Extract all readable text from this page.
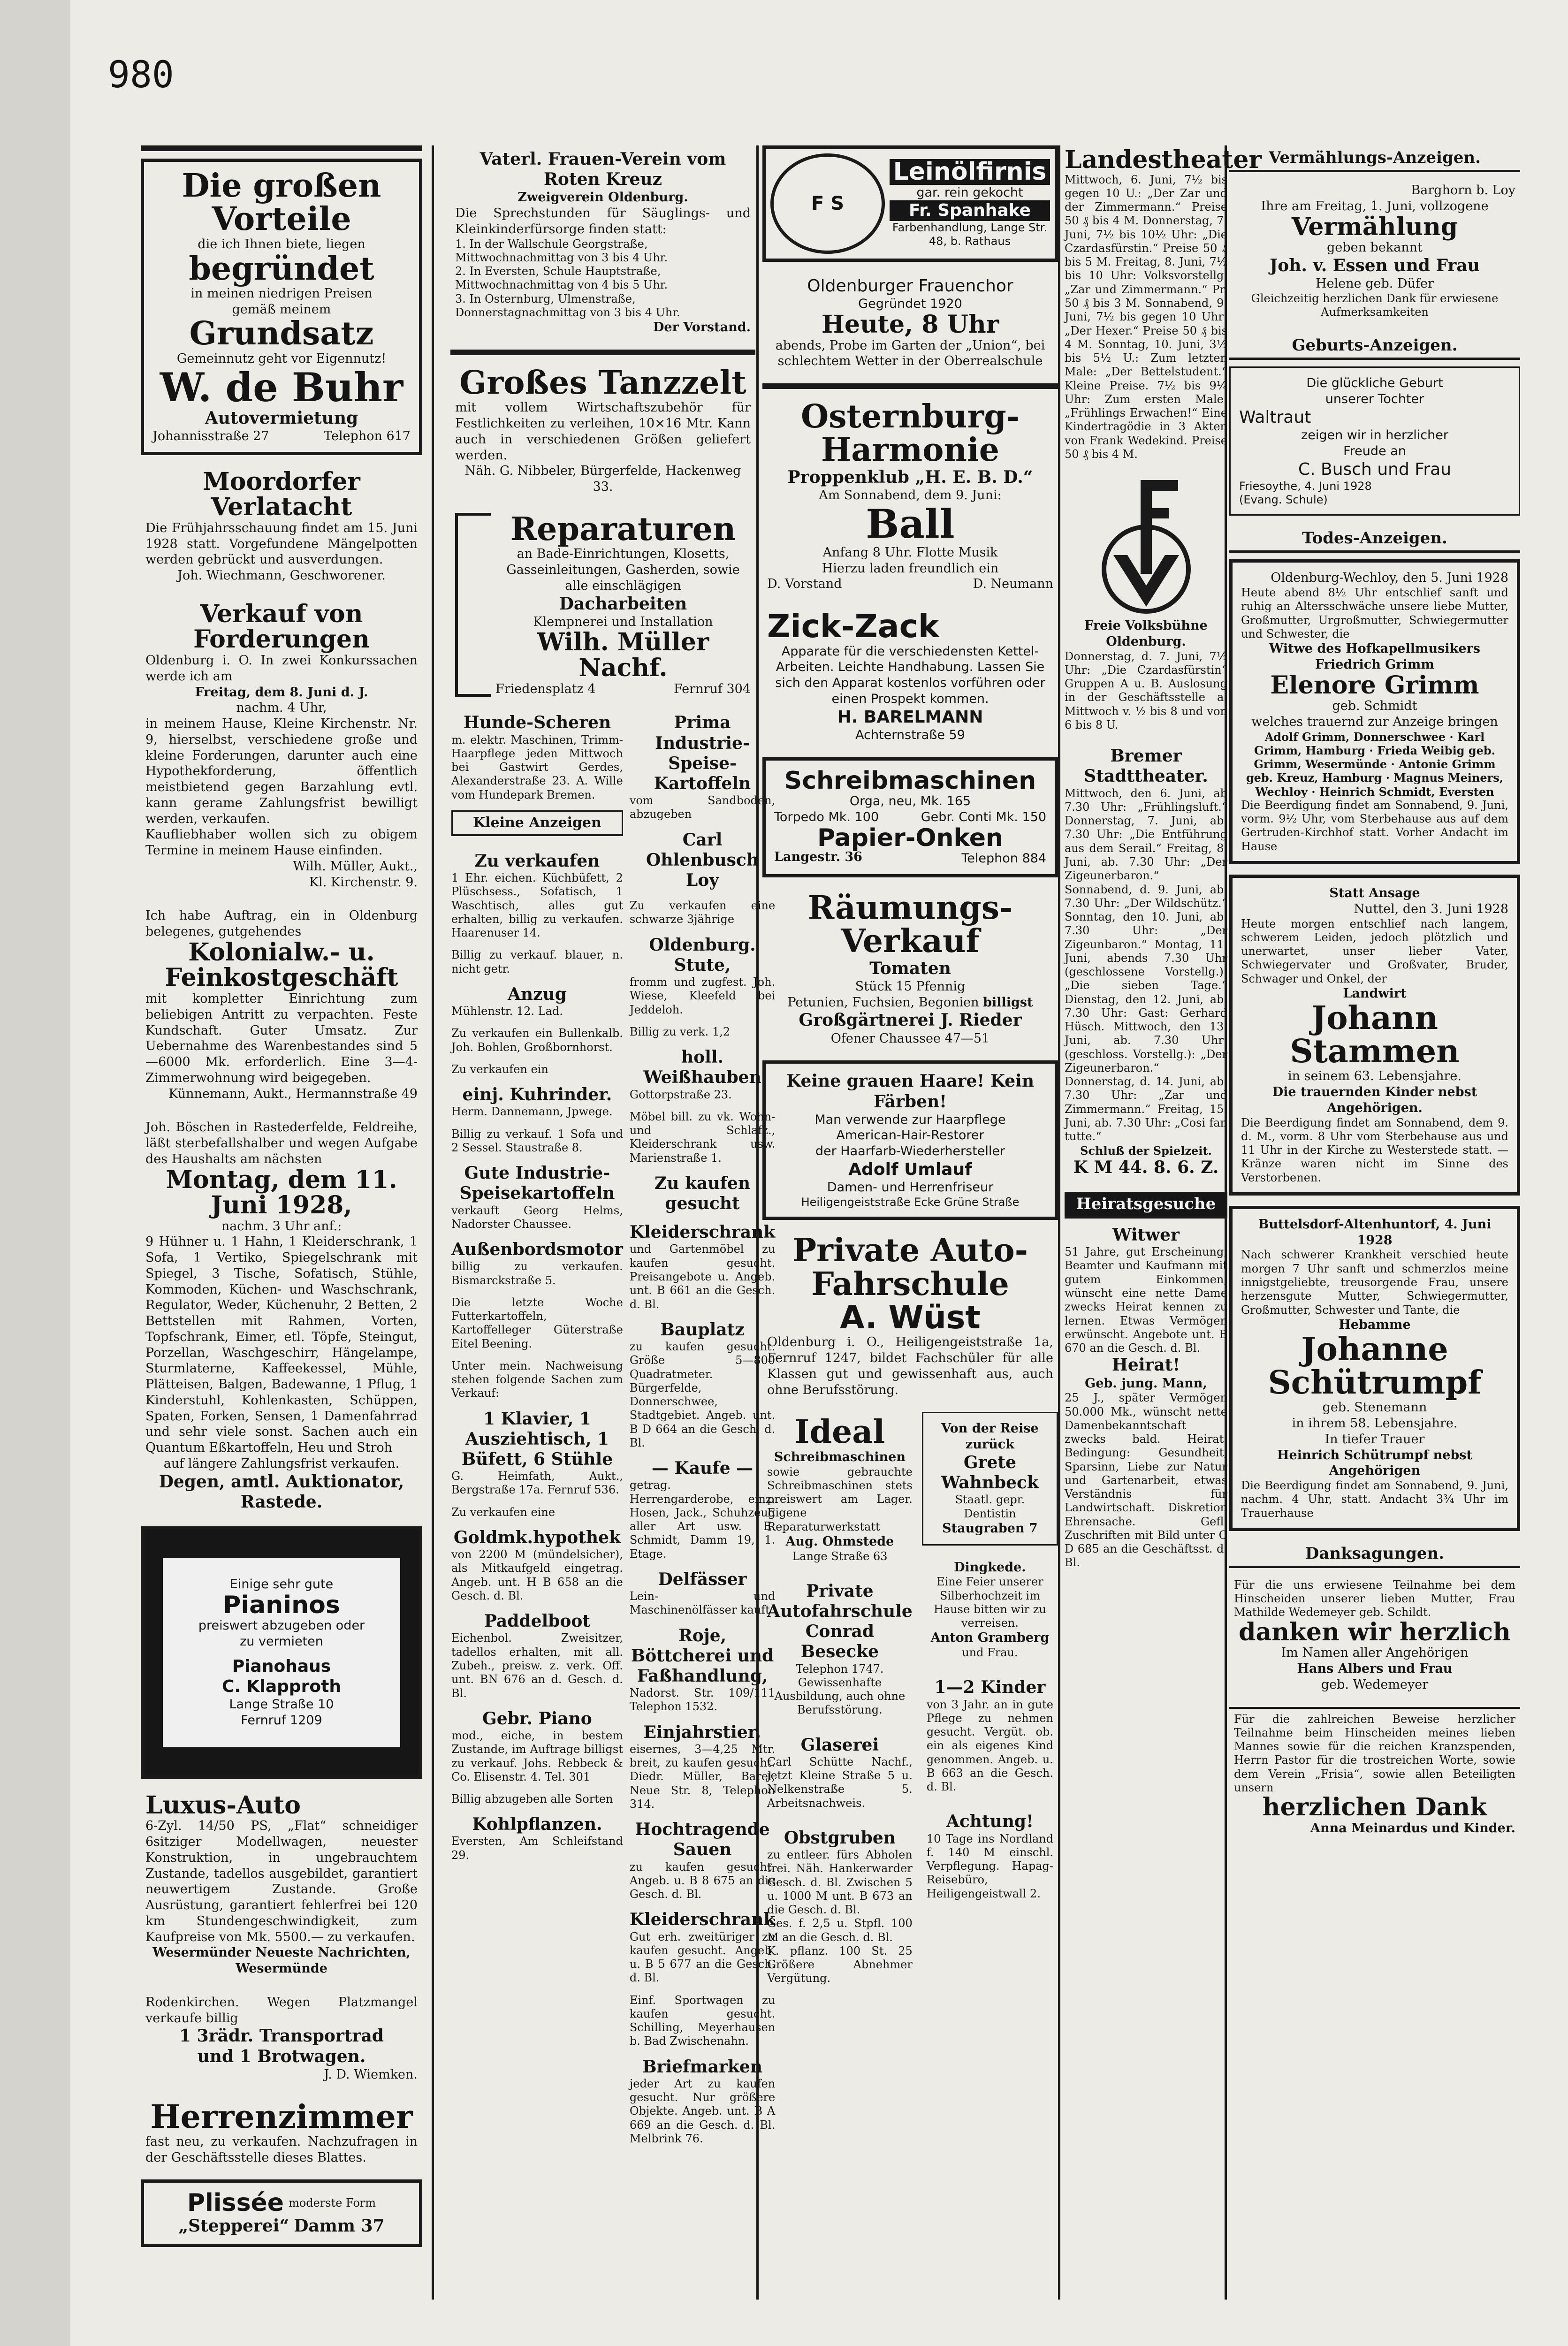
980
Die großen Vorteile
die ich Ihnen biete, liegen
begründet
in meinen niedrigen Preisen
gemäß meinem
Grundsatz
Gemeinnutz geht vor Eigennutz!
W. de Buhr
Autovermietung
Johannisstraße 27	Telephon 617
Moordorfer Verlatacht
Die Frühjahrsschauung findet am 15. Juni 1928 statt. Vorgefundene Mängelpotten werden gebrückt und ausverdungen.
Joh. Wiechmann, Geschworener.
Verkauf von Forderungen
Oldenburg i. O. In zwei Konkurssachen werde ich am
Freitag, dem 8. Juni d. J.
nachm. 4 Uhr,
in meinem Hause, Kleine Kirchenstr. Nr. 9, hierselbst, verschiedene große und kleine Forderungen, darunter auch eine Hypothekforderung, öffentlich meistbietend gegen Barzahlung evtl. kann gerame Zahlungsfrist bewilligt werden, verkaufen.
Kaufliebhaber wollen sich zu obigem Termine in meinem Hause einfinden.
Wilh. Müller, Aukt.,
Kl. Kirchenstr. 9.
Ich habe Auftrag, ein in Oldenburg belegenes, gutgehendes
Kolonialw.- u. Feinkostgeschäft
mit kompletter Einrichtung zum beliebigen Antritt zu verpachten. Feste Kundschaft. Guter Umsatz. Zur Uebernahme des Warenbestandes sind 5—6000 Mk. erforderlich. Eine 3—4-Zimmerwohnung wird beigegeben.
Künnemann, Aukt., Hermannstraße 49
Joh. Böschen in Rastederfelde, Feldreihe, läßt sterbefallshalber und wegen Aufgabe des Haushalts am nächsten
Montag, dem 11. Juni 1928,
nachm. 3 Uhr anf.:
9 Hühner u. 1 Hahn, 1 Kleiderschrank, 1 Sofa, 1 Vertiko, Spiegelschrank mit Spiegel, 3 Tische, Sofatisch, Stühle, Kommoden, Küchen- und Waschschrank, Regulator, Weder, Küchenuhr, 2 Betten, 2 Bettstellen mit Rahmen, Vorten, Topfschrank, Eimer, etl. Töpfe, Steingut, Porzellan, Waschgeschirr, Hängelampe, Sturmlaterne, Kaffeekessel, Mühle, Plätteisen, Balgen, Badewanne, 1 Pflug, 1 Kinderstuhl, Kohlenkasten, Schüppen, Spaten, Forken, Sensen, 1 Damenfahrrad und sehr viele sonst. Sachen auch ein Quantum Eßkartoffeln, Heu und Stroh
auf längere Zahlungsfrist verkaufen.
Degen, amtl. Auktionator, Rastede.
Einige sehr gute
Pianinos
preiswert abzugeben oder
zu vermieten
Pianohaus
C. Klapproth
Lange Straße 10
Fernruf 1209
Luxus-Auto
6-Zyl. 14/50 PS, „Flat“ schneidiger 6sitziger Modellwagen, neuester Konstruktion, in ungebrauchtem Zustande, tadellos ausgebildet, garantiert neuwertigem Zustande. Große Ausrüstung, garantiert fehlerfrei bei 120 km Stundengeschwindigkeit, zum Kaufpreise von Mk. 5500.— zu verkaufen.
Wesermünder Neueste Nachrichten, Wesermünde
Rodenkirchen. Wegen Platzmangel verkaufe billig
1 3rädr. Transportrad
und 1 Brotwagen.
J. D. Wiemken.
Herrenzimmer
fast neu, zu verkaufen. Nachzufragen in der Geschäftsstelle dieses Blattes.
Plissée moderste Form
„Stepperei“ Damm 37
Vaterl. Frauen-Verein vom Roten Kreuz
Zweigverein Oldenburg.
Die Sprechstunden für Säuglings- und Kleinkinderfürsorge finden statt:
1. In der Wallschule Georgstraße, Mittwochnachmittag von 3 bis 4 Uhr.
2. In Eversten, Schule Hauptstraße, Mittwochnachmittag von 4 bis 5 Uhr.
3. In Osternburg, Ulmenstraße, Donnerstagnachmittag von 3 bis 4 Uhr.
Der Vorstand.
Großes Tanzzelt
mit vollem Wirtschaftszubehör für Festlichkeiten zu verleihen, 10×16 Mtr. Kann auch in verschiedenen Größen geliefert werden.
Näh. G. Nibbeler, Bürgerfelde, Hackenweg 33.
Reparaturen
an Bade-Einrichtungen, Klosetts, Gasseinleitungen, Gasherden, sowie alle einschlägigen
Dacharbeiten
Klempnerei und Installation
Wilh. Müller Nachf.
Friedensplatz 4	Fernruf 304
Hunde-Scheren
m. elektr. Maschinen, Trimm-Haarpflege jeden Mittwoch bei Gastwirt Gerdes, Alexanderstraße 23. A. Wille vom Hundepark Bremen.
Kleine Anzeigen
Zu verkaufen
1 Ehr. eichen. Küchbüfett, 2 Plüschsess., Sofatisch, 1 Waschtisch, alles gut erhalten, billig zu verkaufen. Haarenuser 14.
Billig zu verkauf. blauer, n. nicht getr.
Anzug
Mühlenstr. 12. Lad.
Zu verkaufen ein Bullenkalb. Joh. Bohlen, Großbornhorst.
Zu verkaufen ein
einj. Kuhrinder.
Herm. Dannemann, Jpwege.
Billig zu verkauf. 1 Sofa und 2 Sessel. Staustraße 8.
Gute Industrie-Speisekartoffeln
verkauft Georg Helms, Nadorster Chaussee.
Außenbordsmotor
billig zu verkaufen. Bismarckstraße 5.
Die letzte Woche Futterkartoffeln, Kartoffelleger Güterstraße Eitel Beening.
Unter mein. Nachweisung stehen folgende Sachen zum Verkauf:
1 Klavier, 1 Ausziehtisch, 1 Büfett, 6 Stühle
G. Heimfath, Aukt., Bergstraße 17a. Fernruf 536.
Zu verkaufen eine
Goldmk.hypothek
von 2200 M (mündelsicher), als Mitkaufgeld eingetrag. Angeb. unt. H B 658 an die Gesch. d. Bl.
Paddelboot
Eichenbol. Zweisitzer, tadellos erhalten, mit all. Zubeh., preisw. z. verk. Off. unt. BN 676 an d. Gesch. d. Bl.
Gebr. Piano
mod., eiche, in bestem Zustande, im Auftrage billigst zu verkauf. Johs. Rebbeck & Co. Elisenstr. 4. Tel. 301
Billig abzugeben alle Sorten
Kohlpflanzen.
Eversten, Am Schleifstand 29.
Prima Industrie-Speise-Kartoffeln
vom Sandboden, abzugeben
Carl Ohlenbusch Loy
Zu verkaufen eine schwarze 3jährige
Oldenburg. Stute,
fromm und zugfest. Joh. Wiese, Kleefeld bei Jeddeloh.
Billig zu verk. 1,2
holl. Weißhauben
Gottorpstraße 23.
Möbel bill. zu vk. Wohn- und Schlafz., Kleiderschrank usw. Marienstraße 1.
Zu kaufen gesucht
Kleiderschrank
und Gartenmöbel zu kaufen gesucht. Preisangebote u. Angeb. unt. B 661 an die Gesch. d. Bl.
Bauplatz
zu kaufen gesucht. Größe 5—800 Quadratmeter. Bürgerfelde, Donnerschwee, Stadtgebiet. Angeb. unt. B D 664 an die Gesch. d. Bl.
— Kaufe —
getrag. Herrengarderobe, einz. Hosen, Jack., Schuhzeug aller Art usw. E. Schmidt, Damm 19, 1. Etage.
Delfässer
Lein- und Maschinenölfässer kauft
Roje, Böttcherei und Faßhandlung,
Nadorst. Str. 109/111 Telephon 1532.
Einjahrstier,
eisernes, 3—4,25 Mtr. breit, zu kaufen gesucht. Diedr. Müller, Barel, Neue Str. 8, Telephon 314.
Hochtragende Sauen
zu kaufen gesucht. Angeb. u. B 8 675 an die Gesch. d. Bl.
Kleiderschrank
Gut erh. zweitüriger zu kaufen gesucht. Angeb. u. B 5 677 an die Gesch. d. Bl.
Einf. Sportwagen zu kaufen gesucht. Schilling, Meyerhausen b. Bad Zwischenahn.
Briefmarken
jeder Art zu kaufen gesucht. Nur größere Objekte. Angeb. unt. B A 669 an die Gesch. d. Bl. Melbrink 76.
F S
Leinölfirnis
gar. rein gekocht
Fr. Spanhake
Farbenhandlung, Lange Str. 48, b. Rathaus
Oldenburger Frauenchor
Gegründet 1920
Heute, 8 Uhr
abends, Probe im Garten der „Union“, bei schlechtem Wetter in der Oberrealschule
Osternburg-Harmonie
Proppenklub „H. E. B. D.“
Am Sonnabend, dem 9. Juni:
Ball
Anfang 8 Uhr. Flotte Musik
Hierzu laden freundlich ein
D. Vorstand	D. Neumann
Zick-Zack
Apparate für die verschiedensten Kettel-Arbeiten. Leichte Handhabung. Lassen Sie sich den Apparat kostenlos vorführen oder einen Prospekt kommen.
H. BARELMANN
Achternstraße 59
Schreibmaschinen
Orga, neu, Mk. 165
Torpedo Mk. 100	Gebr. Conti Mk. 150
Papier-Onken
Langestr. 36	Telephon 884
Räumungs-Verkauf
Tomaten
Stück 15 Pfennig
Petunien, Fuchsien, Begonien billigst
Großgärtnerei J. Rieder
Ofener Chaussee 47—51
Keine grauen Haare! Kein Färben!
Man verwende zur Haarpflege
American-Hair-Restorer
der Haarfarb-Wiederhersteller
Adolf Umlauf
Damen- und Herrenfriseur
Heiligengeiststraße Ecke Grüne Straße
Private Auto-Fahrschule
A. Wüst
Oldenburg i. O., Heiligengeiststraße 1a, Fernruf 1247, bildet Fachschüler für alle Klassen gut und gewissenhaft aus, auch ohne Berufsstörung.
Ideal
Schreibmaschinen
sowie gebrauchte Schreibmaschinen stets preiswert am Lager. Eigene Reparaturwerkstatt
Aug. Ohmstede
Lange Straße 63
Private
Autofahrschule
Conrad Besecke
Telephon 1747. Gewissenhafte Ausbildung, auch ohne Berufsstörung.
Glaserei
Carl Schütte Nachf., jetzt Kleine Straße 5 u. Nelkenstraße 5. Arbeitsnachweis.
Obstgruben
zu entleer. fürs Abholen frei. Näh. Hankerwarder Gesch. d. Bl. Zwischen 5 u. 1000 M unt. B 673 an die Gesch. d. Bl.
Ges. f. 2,5 u. Stpfl. 100 M an die Gesch. d. Bl.
K. pflanz. 100 St. 25 Größere Abnehmer Vergütung.
Von der Reise
zurück
Grete Wahnbeck
Staatl. gepr. Dentistin
Staugraben 7
Dingkede.
Eine Feier unserer Silberhochzeit im Hause bitten wir zu verreisen.
Anton Gramberg
und Frau.
1—2 Kinder
von 3 Jahr. an in gute Pflege zu nehmen gesucht. Vergüt. ob. ein als eigenes Kind genommen. Angeb. u. B 663 an die Gesch. d. Bl.
Achtung!
10 Tage ins Nordland f. 140 M einschl. Verpflegung. Hapag-Reisebüro, Heiligengeistwall 2.
Landestheater
Mittwoch, 6. Juni, 7½ bis gegen 10 U.: „Der Zar und der Zimmermann.“ Preise 50 ₰ bis 4 M. Donnerstag, 7. Juni, 7½ bis 10½ Uhr: „Die Czardasfürstin.“ Preise 50 ₰ bis 5 M. Freitag, 8. Juni, 7½ bis 10 Uhr: Volksvorstellg. „Zar und Zimmermann.“ Pr. 50 ₰ bis 3 M. Sonnabend, 9. Juni, 7½ bis gegen 10 Uhr: „Der Hexer.“ Preise 50 ₰ bis 4 M. Sonntag, 10. Juni, 3½ bis 5½ U.: Zum letzten Male: „Der Bettelstudent.“ Kleine Preise. 7½ bis 9¼ Uhr: Zum ersten Male: „Frühlings Erwachen!“ Eine Kindertragödie in 3 Akten von Frank Wedekind. Preise 50 ₰ bis 4 M.
Freie Volksbühne Oldenburg.
Donnerstag, d. 7. Juni, 7½ Uhr: „Die Czardasfürstin“ Gruppen A u. B. Auslosung in der Geschäftsstelle a. Mittwoch v. ½ bis 8 und von 6 bis 8 U.
Bremer Stadttheater.
Mittwoch, den 6. Juni, ab 7.30 Uhr: „Frühlingsluft.“ Donnerstag, 7. Juni, ab. 7.30 Uhr: „Die Entführung aus dem Serail.“ Freitag, 8. Juni, ab. 7.30 Uhr: „Der Zigeunerbaron.“ Sonnabend, d. 9. Juni, ab. 7.30 Uhr: „Der Wildschütz.“ Sonntag, den 10. Juni, ab. 7.30 Uhr: „Der Zigeunbaron.“ Montag, 11. Juni, abends 7.30 Uhr (geschlossene Vorstellg.): „Die sieben Tage.“ Dienstag, den 12. Juni, ab. 7.30 Uhr: Gast: Gerhard Hüsch. Mittwoch, den 13. Juni, ab. 7.30 Uhr: (geschloss. Vorstellg.): „Der Zigeunerbaron.“ Donnerstag, d. 14. Juni, ab. 7.30 Uhr: „Zar und Zimmermann.“ Freitag, 15. Juni, ab. 7.30 Uhr: „Cosi fan tutte.“
Schluß der Spielzeit.
K M 44. 8. 6. Z.
Heiratsgesuche
Witwer
51 Jahre, gut Erscheinung, Beamter und Kaufmann mit gutem Einkommen, wünscht eine nette Dame zwecks Heirat kennen zu lernen. Etwas Vermögen erwünscht. Angebote unt. B 670 an die Gesch. d. Bl.
Heirat!
Geb. jung. Mann,
25 J., später Vermögen 50.000 Mk., wünscht nette Damenbekanntschaft zwecks bald. Heirat. Bedingung: Gesundheit, Sparsinn, Liebe zur Natur und Gartenarbeit, etwas Verständnis für Landwirtschaft. Diskretion Ehrensache. Gefl. Zuschriften mit Bild unter C D 685 an die Geschäftsst. d. Bl.
Vermählungs-Anzeigen.
Barghorn b. Loy
Ihre am Freitag, 1. Juni, vollzogene
Vermählung
geben bekannt
Joh. v. Essen und Frau
Helene geb. Düfer
Gleichzeitig herzlichen Dank für erwiesene Aufmerksamkeiten
Geburts-Anzeigen.
Die glückliche Geburt
unserer Tochter
Waltraut
zeigen wir in herzlicher
Freude an
C. Busch und Frau
Friesoythe, 4. Juni 1928
(Evang. Schule)
Todes-Anzeigen.
Oldenburg-Wechloy, den 5. Juni 1928
Heute abend 8½ Uhr entschlief sanft und ruhig an Altersschwäche unsere liebe Mutter, Großmutter, Urgroßmutter, Schwiegermutter und Schwester, die
Witwe des Hofkapellmusikers Friedrich Grimm
Elenore Grimm
geb. Schmidt
welches trauernd zur Anzeige bringen
Adolf Grimm, Donnerschwee · Karl Grimm, Hamburg · Frieda Weibig geb. Grimm, Wesermünde · Antonie Grimm geb. Kreuz, Hamburg · Magnus Meiners, Wechloy · Heinrich Schmidt, Eversten
Die Beerdigung findet am Sonnabend, 9. Juni, vorm. 9½ Uhr, vom Sterbehause aus auf dem Gertruden-Kirchhof statt. Vorher Andacht im Hause
Statt Ansage
Nuttel, den 3. Juni 1928
Heute morgen entschlief nach langem, schwerem Leiden, jedoch plötzlich und unerwartet, unser lieber Vater, Schwiegervater und Großvater, Bruder, Schwager und Onkel, der
Landwirt
Johann Stammen
in seinem 63. Lebensjahre.
Die trauernden Kinder nebst Angehörigen.
Die Beerdigung findet am Sonnabend, dem 9. d. M., vorm. 8 Uhr vom Sterbehause aus und 11 Uhr in der Kirche zu Westerstede statt. — Kränze waren nicht im Sinne des Verstorbenen.
Buttelsdorf-Altenhuntorf, 4. Juni 1928
Nach schwerer Krankheit verschied heute morgen 7 Uhr sanft und schmerzlos meine innigstgeliebte, treusorgende Frau, unsere herzensgute Mutter, Schwiegermutter, Großmutter, Schwester und Tante, die
Hebamme
Johanne Schütrumpf
geb. Stenemann
in ihrem 58. Lebensjahre.
In tiefer Trauer
Heinrich Schütrumpf nebst Angehörigen
Die Beerdigung findet am Sonnabend, 9. Juni, nachm. 4 Uhr, statt. Andacht 3¾ Uhr im Trauerhause
Danksagungen.
Für die uns erwiesene Teilnahme bei dem Hinscheiden unserer lieben Mutter, Frau Mathilde Wedemeyer geb. Schildt.
danken wir herzlich
Im Namen aller Angehörigen
Hans Albers und Frau
geb. Wedemeyer
Für die zahlreichen Beweise herzlicher Teilnahme beim Hinscheiden meines lieben Mannes sowie für die reichen Kranzspenden, Herrn Pastor für die trostreichen Worte, sowie dem Verein „Frisia“, sowie allen Beteiligten unsern
herzlichen Dank
Anna Meinardus und Kinder.
